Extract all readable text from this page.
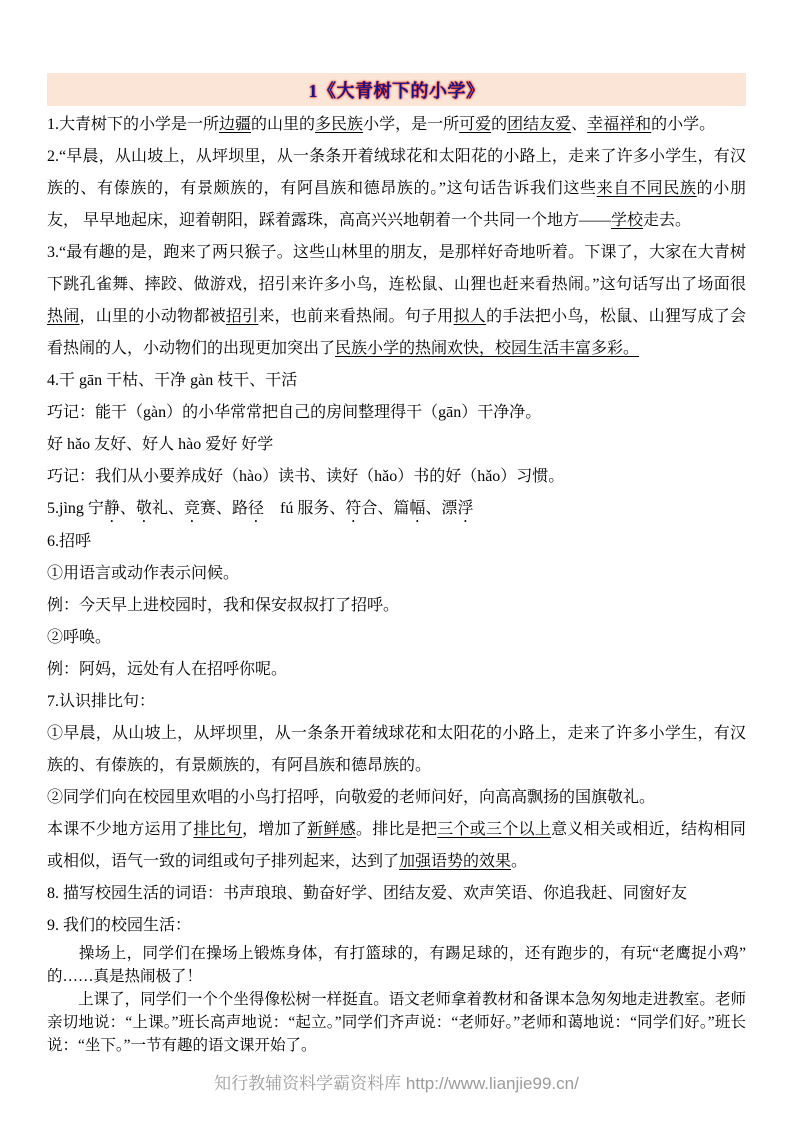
1《大青树下的小学》

1.大青树下的小学是一所边疆的山里的多民族小学，是一所可爱的团结友爱、幸福祥和的小学。

2.“早晨，从山坡上，从坪坝里，从一条条开着绒球花和太阳花的小路上，走来了许多小学生，有汉族的、有傣族的，有景颇族的，有阿昌族和德昂族的。”这句话告诉我们这些来自不同民族的小朋友， 早早地起床，迎着朝阳，踩着露珠，高高兴兴地朝着一个共同一个地方——学校走去。

3.“最有趣的是，跑来了两只猴子。这些山林里的朋友，是那样好奇地听着。下课了，大家在大青树下跳孔雀舞、摔跤、做游戏，招引来许多小鸟，连松鼠、山狸也赶来看热闹。”这句话写出了场面很热闹，山里的小动物都被招引来，也前来看热闹。句子用拟人的手法把小鸟，松鼠、山狸写成了会看热闹的人，小动物们的出现更加突出了民族小学的热闹欢快，校园生活丰富多彩。

4.干 gān 干枯、干净 gàn 枝干、干活

巧记：能干（gàn）的小华常常把自己的房间整理得干（gān）干净净。

好 hǎo 友好、好人 hào 爱好 好学

巧记：我们从小要养成好（hào）读书、读好（hǎo）书的好（hǎo）习惯。

5.jìng 宁静、敬礼、竞赛、路径　fú 服务、符合、篇幅、漂浮

6.招呼

①用语言或动作表示问候。

例：今天早上进校园时，我和保安叔叔打了招呼。

②呼唤。

例：阿妈，远处有人在招呼你呢。

7.认识排比句：

①早晨，从山坡上，从坪坝里，从一条条开着绒球花和太阳花的小路上，走来了许多小学生，有汉族的、有傣族的，有景颇族的，有阿昌族和德昂族的。

②同学们向在校园里欢唱的小鸟打招呼，向敬爱的老师问好，向高高飘扬的国旗敬礼。

本课不少地方运用了排比句，增加了新鲜感。排比是把三个或三个以上意义相关或相近，结构相同或相似，语气一致的词组或句子排列起来，达到了加强语势的效果。

8. 描写校园生活的词语：书声琅琅、勤奋好学、团结友爱、欢声笑语、你追我赶、同窗好友

9. 我们的校园生活：

　　操场上，同学们在操场上锻炼身体，有打篮球的，有踢足球的，还有跑步的，有玩“老鹰捉小鸡”的……真是热闹极了！

　　上课了，同学们一个个坐得像松树一样挺直。语文老师拿着教材和备课本急匆匆地走进教室。老师亲切地说：“上课。”班长高声地说：“起立。”同学们齐声说：“老师好。”老师和蔼地说：“同学们好。”班长说：“坐下。”一节有趣的语文课开始了。

知行教辅资料学霸资料库 http://www.lianjie99.cn/
